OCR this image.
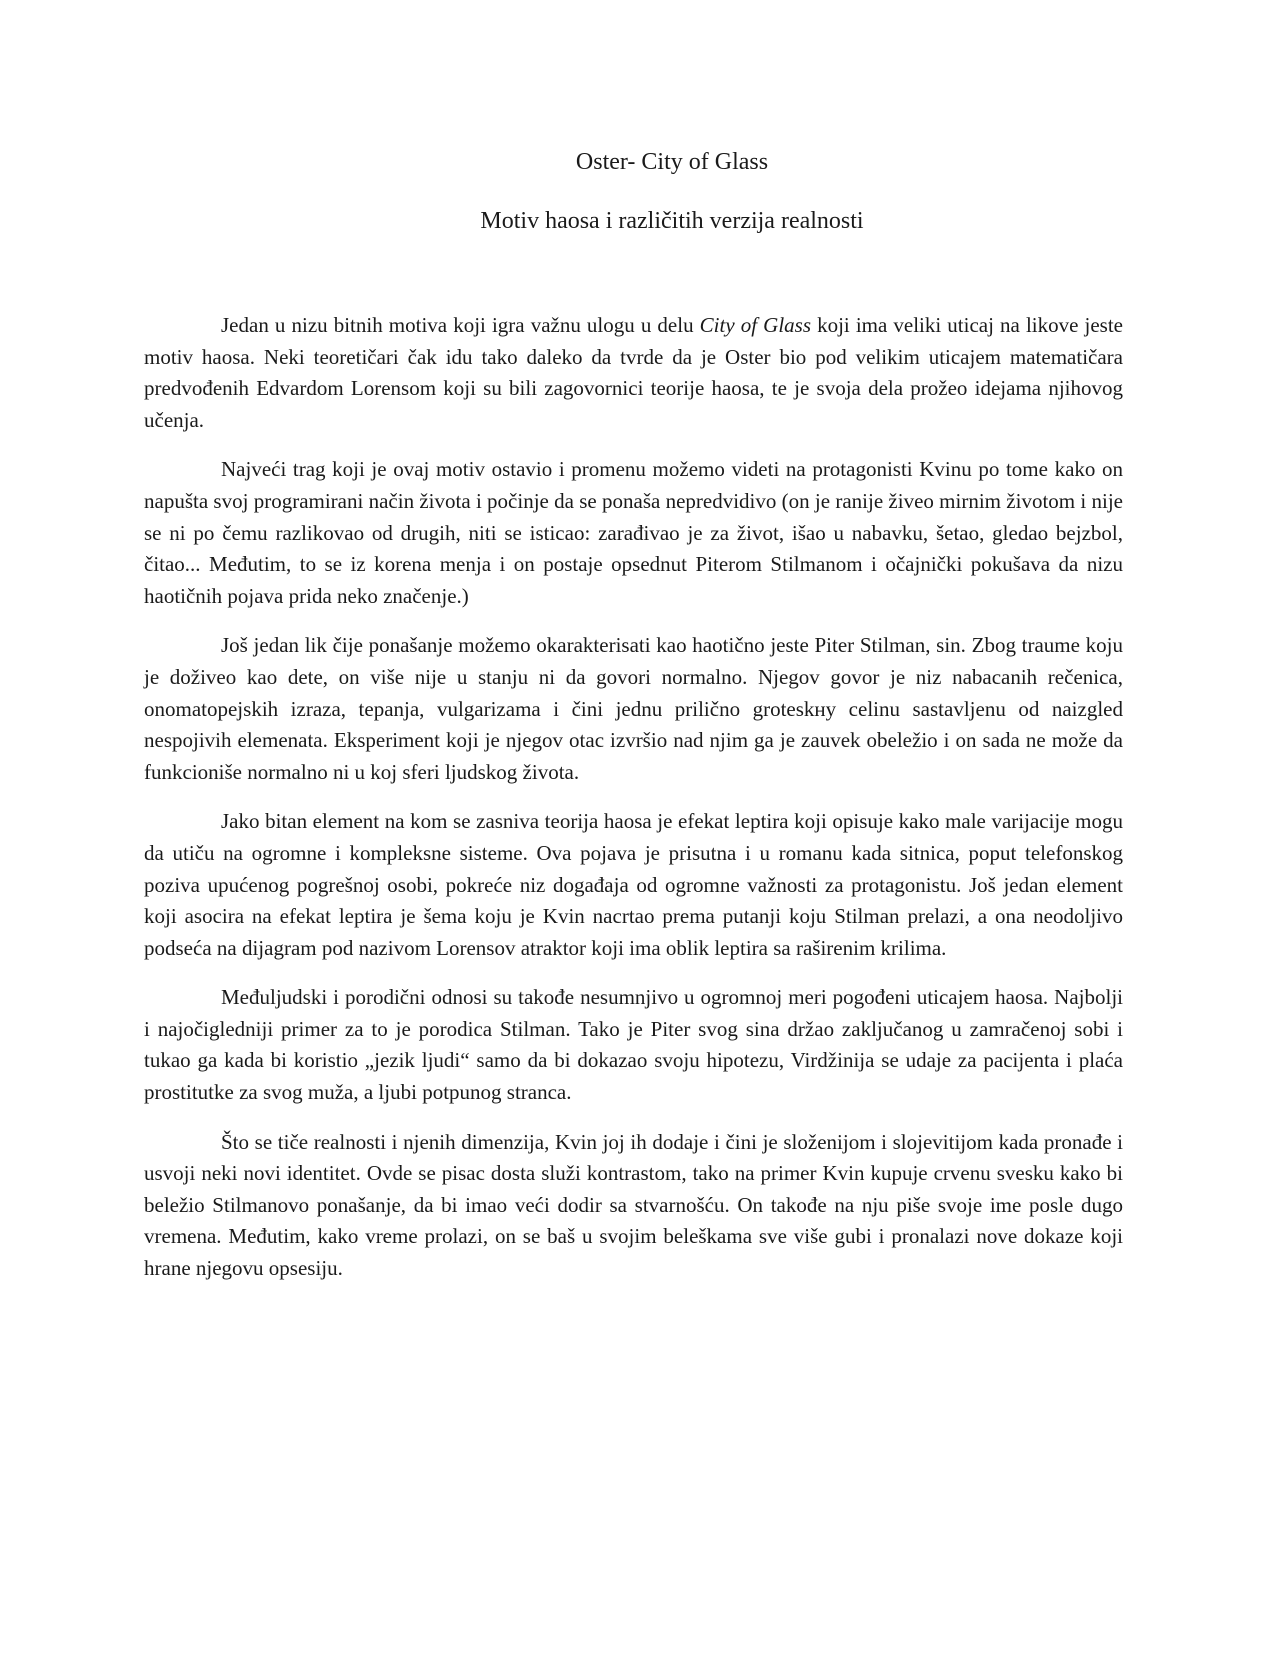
Oster- City of Glass
Motiv haosa i različitih verzija realnosti

Jedan u nizu bitnih motiva koji igra važnu ulogu u delu City of Glass koji ima veliki uticaj na likove jeste motiv haosa. Neki teoretičari čak idu tako daleko da tvrde da je Oster bio pod velikim uticajem matematičara predvođenih Edvardom Lorensom koji su bili zagovornici teorije haosa, te je svoja dela prožeo idejama njihovog učenja.

Najveći trag koji je ovaj motiv ostavio i promenu možemo videti na protagonisti Kvinu po tome kako on napušta svoj programirani način života i počinje da se ponaša nepredvidivo (on je ranije živeo mirnim životom i nije se ni po čemu razlikovao od drugih, niti se isticao: zarađivao je za život, išao u nabavku, šetao, gledao bejzbol, čitao... Međutim, to se iz korena menja i on postaje opsednut Piterom Stilmanom i očajnički pokušava da nizu haotičnih pojava prida neko značenje.)

Još jedan lik čije ponašanje možemo okarakterisati kao haotično jeste Piter Stilman, sin. Zbog traume koju je doživeo kao dete, on više nije u stanju ni da govori normalno. Njegov govor je niz nabacanih rečenica, onomatopejskih izraza, tepanja, vulgarizama i čini jednu prilično groteskну celinu sastavljenu od naizgled nespojivih elemenata. Eksperiment koji je njegov otac izvršio nad njim ga je zauvek obeležio i on sada ne može da funkcioniše normalno ni u koj sferi ljudskog života.

Jako bitan element na kom se zasniva teorija haosa je efekat leptira koji opisuje kako male varijacije mogu da utiču na ogromne i kompleksne sisteme. Ova pojava je prisutna i u romanu kada sitnica, poput telefonskog poziva upućenog pogrešnoj osobi, pokreće niz događaja od ogromne važnosti za protagonistu. Još jedan element koji asocira na efekat leptira je šema koju je Kvin nacrtao prema putanji koju Stilman prelazi, a ona neodoljivo podseća na dijagram pod nazivom Lorensov atraktor koji ima oblik leptira sa raširenim krilima.

Međuljudski i porodični odnosi su takođe nesumnjivo u ogromnoj meri pogođeni uticajem haosa. Najbolji i najočigledniji primer za to je porodica Stilman. Tako je Piter svog sina držao zaključanog u zamračenoj sobi i tukao ga kada bi koristio „jezik ljudi“ samo da bi dokazao svoju hipotezu, Virdžinija se udaje za pacijenta i plaća prostitutke za svog muža, a ljubi potpunog stranca.

Što se tiče realnosti i njenih dimenzija, Kvin joj ih dodaje i čini je složenijom i slojevitijom kada pronađe i usvoji neki novi identitet. Ovde se pisac dosta služi kontrastom, tako na primer Kvin kupuje crvenu svesku kako bi beležio Stilmanovo ponašanje, da bi imao veći dodir sa stvarnošću. On takođe na nju piše svoje ime posle dugo vremena. Međutim, kako vreme prolazi, on se baš u svojim beleškama sve više gubi i pronalazi nove dokaze koji hrane njegovu opsesiju.
